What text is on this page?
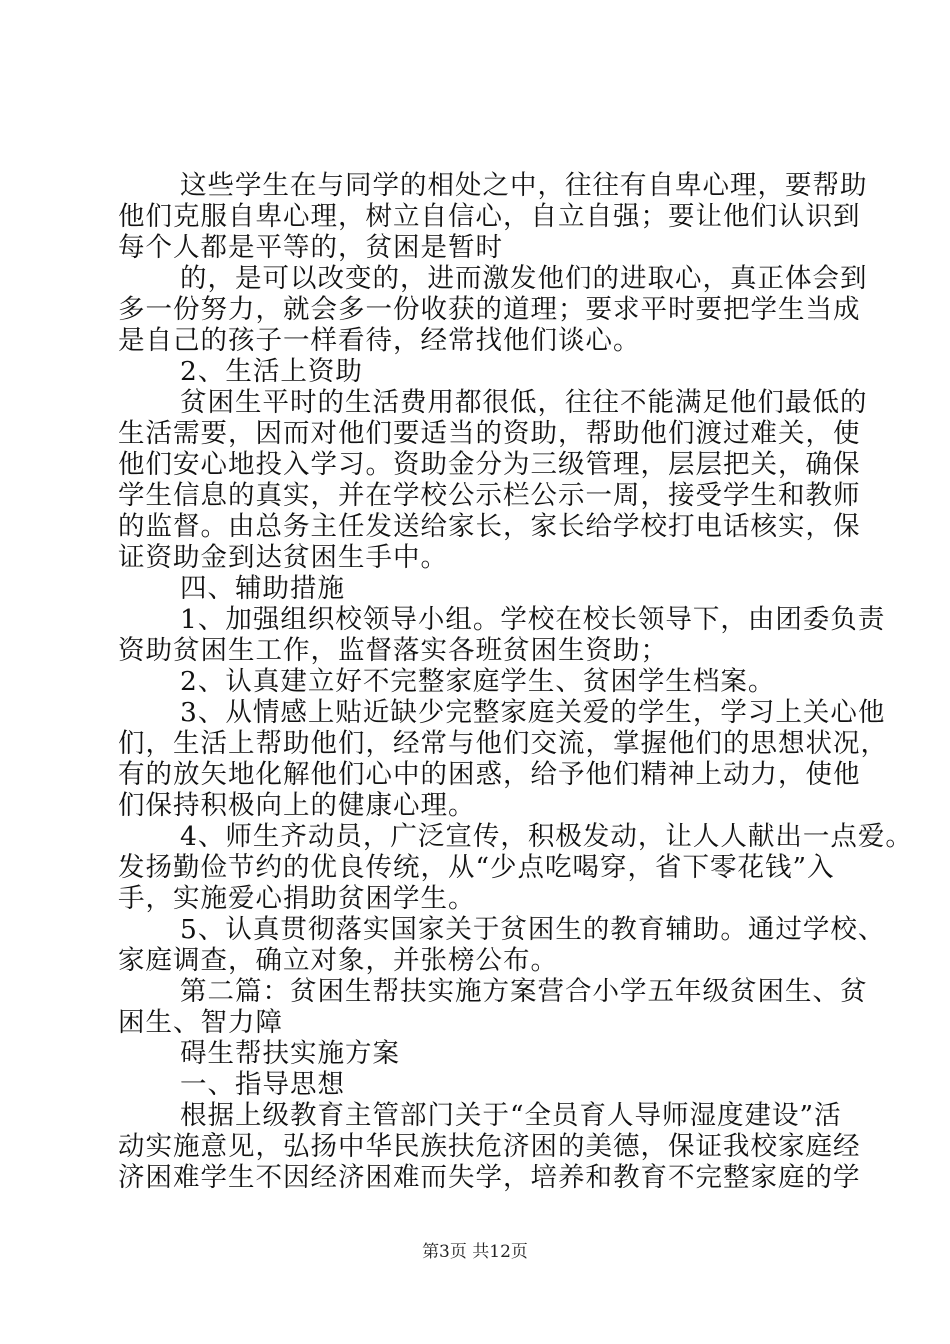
这些学生在与同学的相处之中，往往有自卑心理，要帮助

他们克服自卑心理，树立自信心，自立自强；要让他们认识到

每个人都是平等的，贫困是暂时

的，是可以改变的，进而激发他们的进取心，真正体会到

多一份努力，就会多一份收获的道理；要求平时要把学生当成

是自己的孩子一样看待，经常找他们谈心。

2、生活上资助

贫困生平时的生活费用都很低，往往不能满足他们最低的

生活需要，因而对他们要适当的资助，帮助他们渡过难关，使

他们安心地投入学习。资助金分为三级管理，层层把关，确保

学生信息的真实，并在学校公示栏公示一周，接受学生和教师

的监督。由总务主任发送给家长，家长给学校打电话核实，保

证资助金到达贫困生手中。

四、辅助措施

1、加强组织校领导小组。学校在校长领导下，由团委负责

资助贫困生工作，监督落实各班贫困生资助；

2、认真建立好不完整家庭学生、贫困学生档案。

3、从情感上贴近缺少完整家庭关爱的学生，学习上关心他

们，生活上帮助他们，经常与他们交流，掌握他们的思想状况，

有的放矢地化解他们心中的困惑，给予他们精神上动力，使他

们保持积极向上的健康心理。

4、师生齐动员，广泛宣传，积极发动，让人人献出一点爱。

发扬勤俭节约的优良传统，从“少点吃喝穿，省下零花钱”入

手，实施爱心捐助贫困学生。

5、认真贯彻落实国家关于贫困生的教育辅助。通过学校、

家庭调查，确立对象，并张榜公布。

第二篇：贫困生帮扶实施方案营合小学五年级贫困生、贫

困生、智力障

碍生帮扶实施方案

一、指导思想

根据上级教育主管部门关于“全员育人导师湿度建设”活

动实施意见，弘扬中华民族扶危济困的美德，保证我校家庭经

济困难学生不因经济困难而失学，培养和教育不完整家庭的学

第3页 共12页
